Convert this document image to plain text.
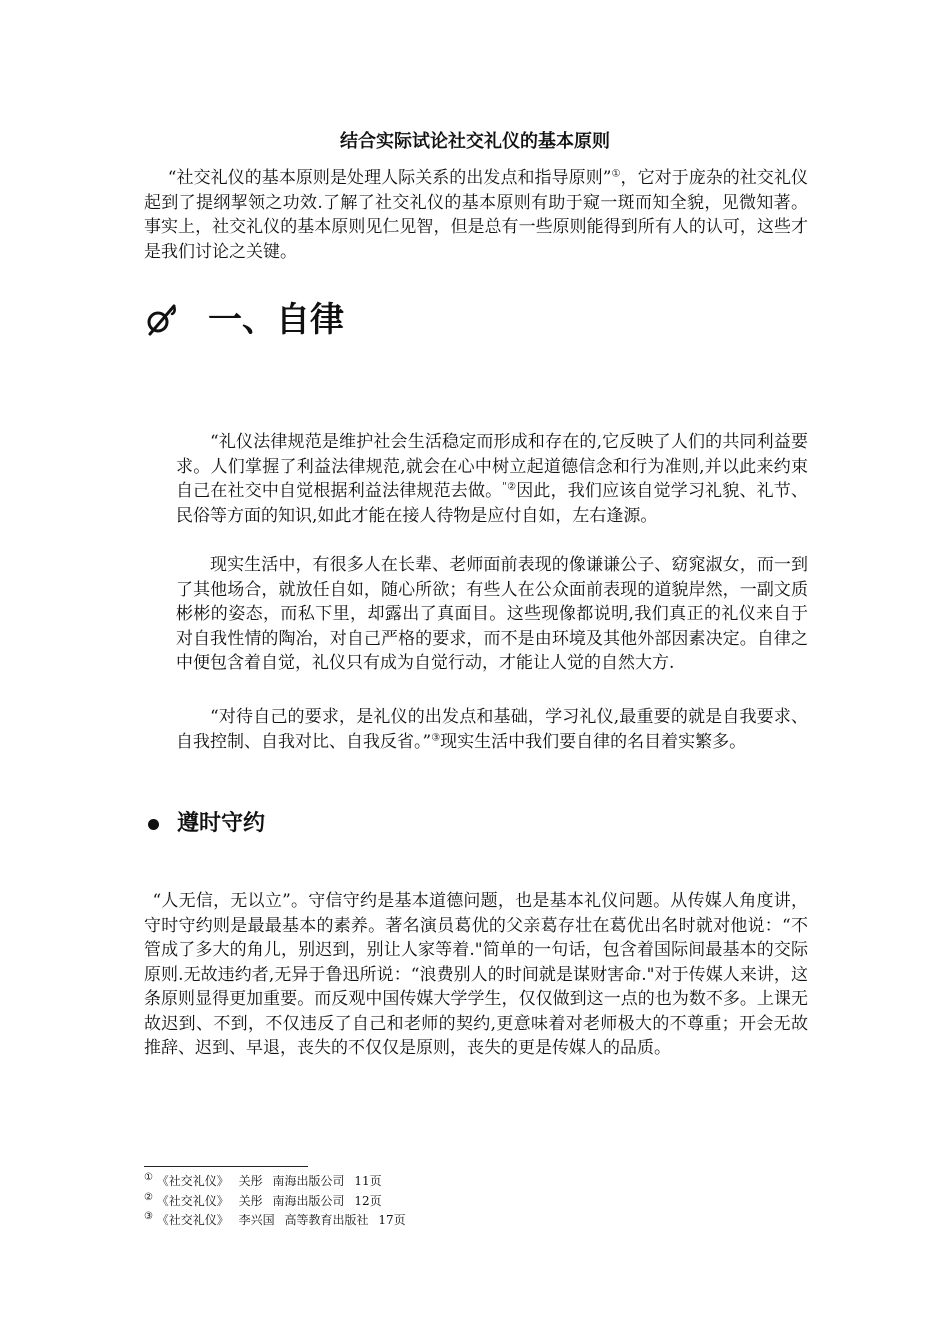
结合实际试论社交礼仪的基本原则

“社交礼仪的基本原则是处理人际关系的出发点和指导原则”①，它对于庞杂的社交礼仪起到了提纲挈领之功效.了解了社交礼仪的基本原则有助于窥一斑而知全貌，见微知著。事实上，社交礼仪的基本原则见仁见智，但是总有一些原则能得到所有人的认可，这些才是我们讨论之关键。

一、自律

“礼仪法律规范是维护社会生活稳定而形成和存在的,它反映了人们的共同利益要求。人们掌握了利益法律规范,就会在心中树立起道德信念和行为准则,并以此来约束自己在社交中自觉根据利益法律规范去做。"②因此，我们应该自觉学习礼貌、礼节、民俗等方面的知识,如此才能在接人待物是应付自如，左右逢源。

现实生活中，有很多人在长辈、老师面前表现的像谦谦公子、窈窕淑女，而一到了其他场合，就放任自如，随心所欲；有些人在公众面前表现的道貌岸然，一副文质彬彬的姿态，而私下里，却露出了真面目。这些现像都说明,我们真正的礼仪来自于对自我性情的陶冶，对自己严格的要求，而不是由环境及其他外部因素决定。自律之中便包含着自觉，礼仪只有成为自觉行动，才能让人觉的自然大方.

“对待自己的要求，是礼仪的出发点和基础，学习礼仪,最重要的就是自我要求、自我控制、自我对比、自我反省。”③现实生活中我们要自律的名目着实繁多。

遵时守约

“人无信，无以立”。守信守约是基本道德问题，也是基本礼仪问题。从传媒人角度讲，守时守约则是最最基本的素养。著名演员葛优的父亲葛存壮在葛优出名时就对他说：“不管成了多大的角儿，别迟到，别让人家等着."简单的一句话，包含着国际间最基本的交际原则.无故违约者,无异于鲁迅所说：“浪费别人的时间就是谋财害命."对于传媒人来讲，这条原则显得更加重要。而反观中国传媒大学学生，仅仅做到这一点的也为数不多。上课无故迟到、不到，不仅违反了自己和老师的契约,更意味着对老师极大的不尊重；开会无故推辞、迟到、早退，丧失的不仅仅是原则，丧失的更是传媒人的品质。

① 《社交礼仪》 关彤 南海出版公司 11页
② 《社交礼仪》 关彤 南海出版公司 12页
③ 《社交礼仪》 李兴国 高等教育出版社 17页
